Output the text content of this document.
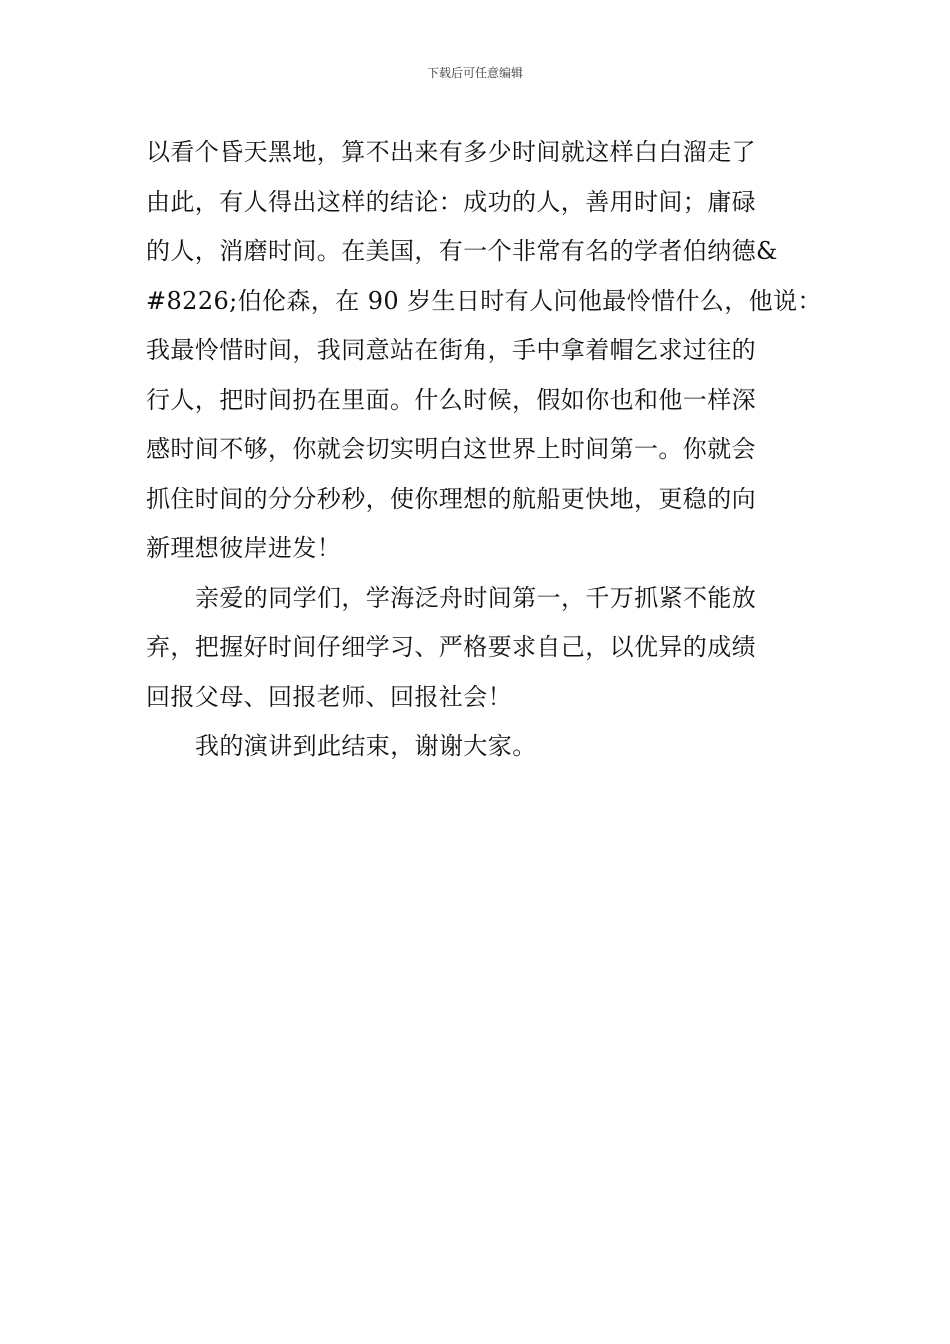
下载后可任意编辑
以看个昏天黑地，算不出来有多少时间就这样白白溜走了
由此，有人得出这样的结论：成功的人，善用时间；庸碌
的人，消磨时间。在美国，有一个非常有名的学者伯纳德&
#8226;伯伦森，在 90 岁生日时有人问他最怜惜什么，他说：
我最怜惜时间，我同意站在街角，手中拿着帽乞求过往的
行人，把时间扔在里面。什么时候，假如你也和他一样深
感时间不够，你就会切实明白这世界上时间第一。你就会
抓住时间的分分秒秒，使你理想的航船更快地，更稳的向
新理想彼岸进发！
亲爱的同学们，学海泛舟时间第一，千万抓紧不能放
弃，把握好时间仔细学习、严格要求自己，以优异的成绩
回报父母、回报老师、回报社会！
我的演讲到此结束，谢谢大家。
